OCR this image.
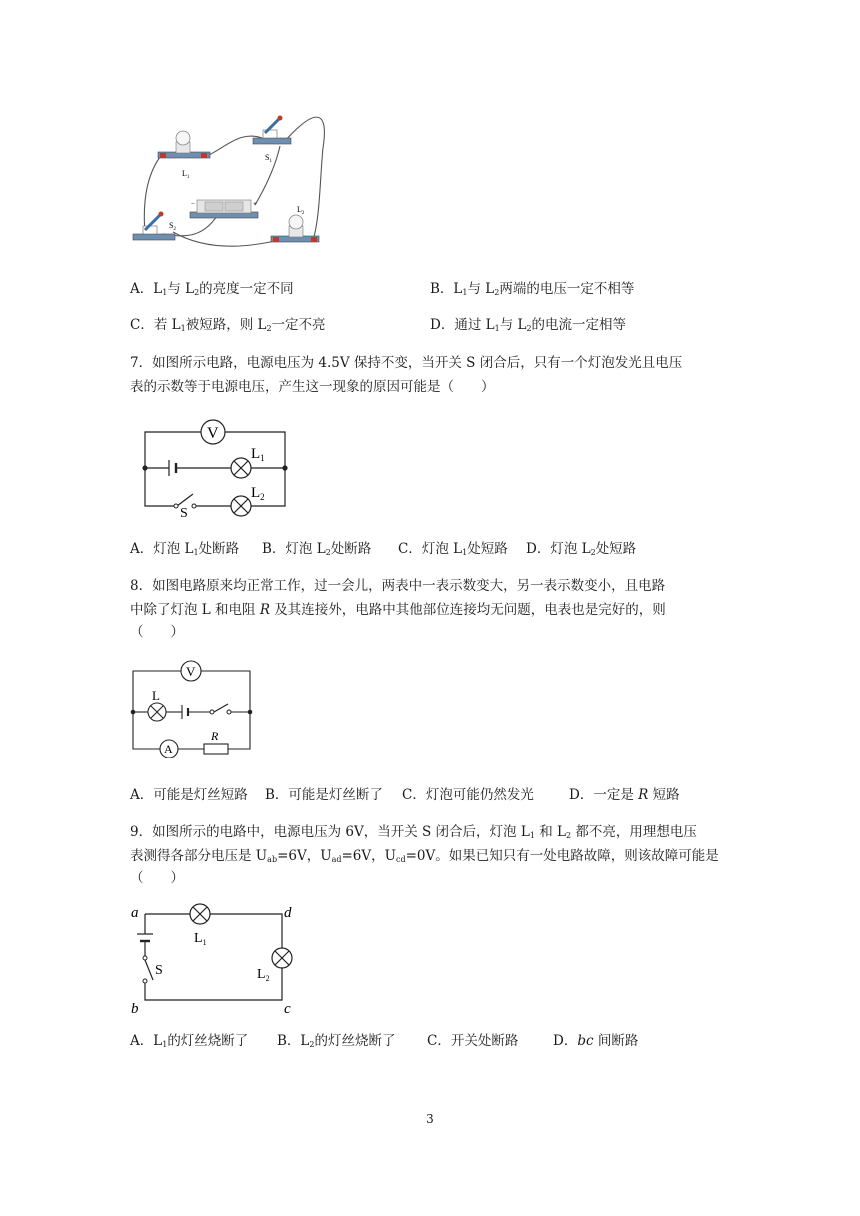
$L_1$
$S_1$
−	+
$S_2$
$L_2$
A．$L_1$与 $L_2$的亮度一定不同	B．$L_1$与 $L_2$两端的电压一定不相等
C．若 $L_1$被短路，则 $L_2$一定不亮	D．通过 $L_1$与 $L_2$的电流一定相等
7．如图所示电路，电源电压为 4.5V 保持不变，当开关 S 闭合后，只有一个灯泡发光且电压
表的示数等于电源电压，产生这一现象的原因可能是（　　）
V
$L_1$
$L_2$
S
A．灯泡 $L_1$处断路 B．灯泡 $L_2$处断路 C．灯泡 $L_1$处短路 D．灯泡 $L_2$处短路
8．如图电路原来均正常工作，过一会儿，两表中一表示数变大，另一表示数变小，且电路
中除了灯泡 L 和电阻 R 及其连接外，电路中其他部位连接均无问题，电表也是完好的，则
（　　）
V
A
L
R
A．可能是灯丝短路 B．可能是灯丝断了 C．灯泡可能仍然发光	D．一定是 R 短路
9．如图所示的电路中，电源电压为 6V，当开关 S 闭合后，灯泡 $L_1$ 和 $L_2$ 都不亮，用理想电压
表测得各部分电压是 $U_{ab}=6V$，$U_{ad}=6V$，$U_{cd}=0V$。如果已知只有一处电路故障，则该故障可能是
（　　）
a
b	c
d
$L_1$
$L_2$
S
A．$L_1$的灯丝烧断了 B．$L_2$的灯丝烧断了 C．开关处断路	D．bc 间断路
3
